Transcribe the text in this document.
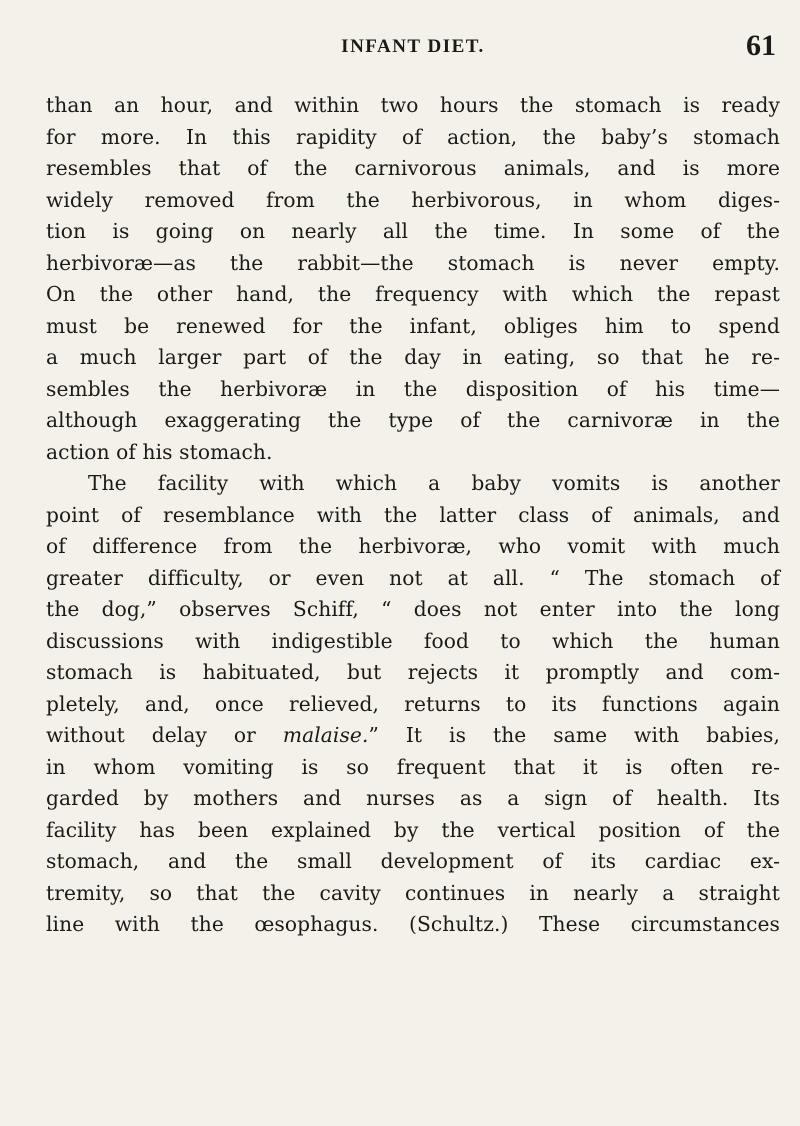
INFANT DIET.	61

than an hour, and within two hours the stomach is ready
for more. In this rapidity of action, the baby’s stomach
resembles that of the carnivorous animals, and is more
widely removed from the herbivorous, in whom diges-
tion is going on nearly all the time. In some of the
herbivoræ—as the rabbit—the stomach is never empty.
On the other hand, the frequency with which the repast
must be renewed for the infant, obliges him to spend
a much larger part of the day in eating, so that he re-
sembles the herbivoræ in the disposition of his time—
although exaggerating the type of the carnivoræ in the
action of his stomach.

The facility with which a baby vomits is another
point of resemblance with the latter class of animals, and
of difference from the herbivoræ, who vomit with much
greater difficulty, or even not at all. “ The stomach of
the dog,” observes Schiff, “ does not enter into the long
discussions with indigestible food to which the human
stomach is habituated, but rejects it promptly and com-
pletely, and, once relieved, returns to its functions again
without delay or malaise.” It is the same with babies,
in whom vomiting is so frequent that it is often re-
garded by mothers and nurses as a sign of health. Its
facility has been explained by the vertical position of the
stomach, and the small development of its cardiac ex-
tremity, so that the cavity continues in nearly a straight
line with the œsophagus. (Schultz.) These circumstances
